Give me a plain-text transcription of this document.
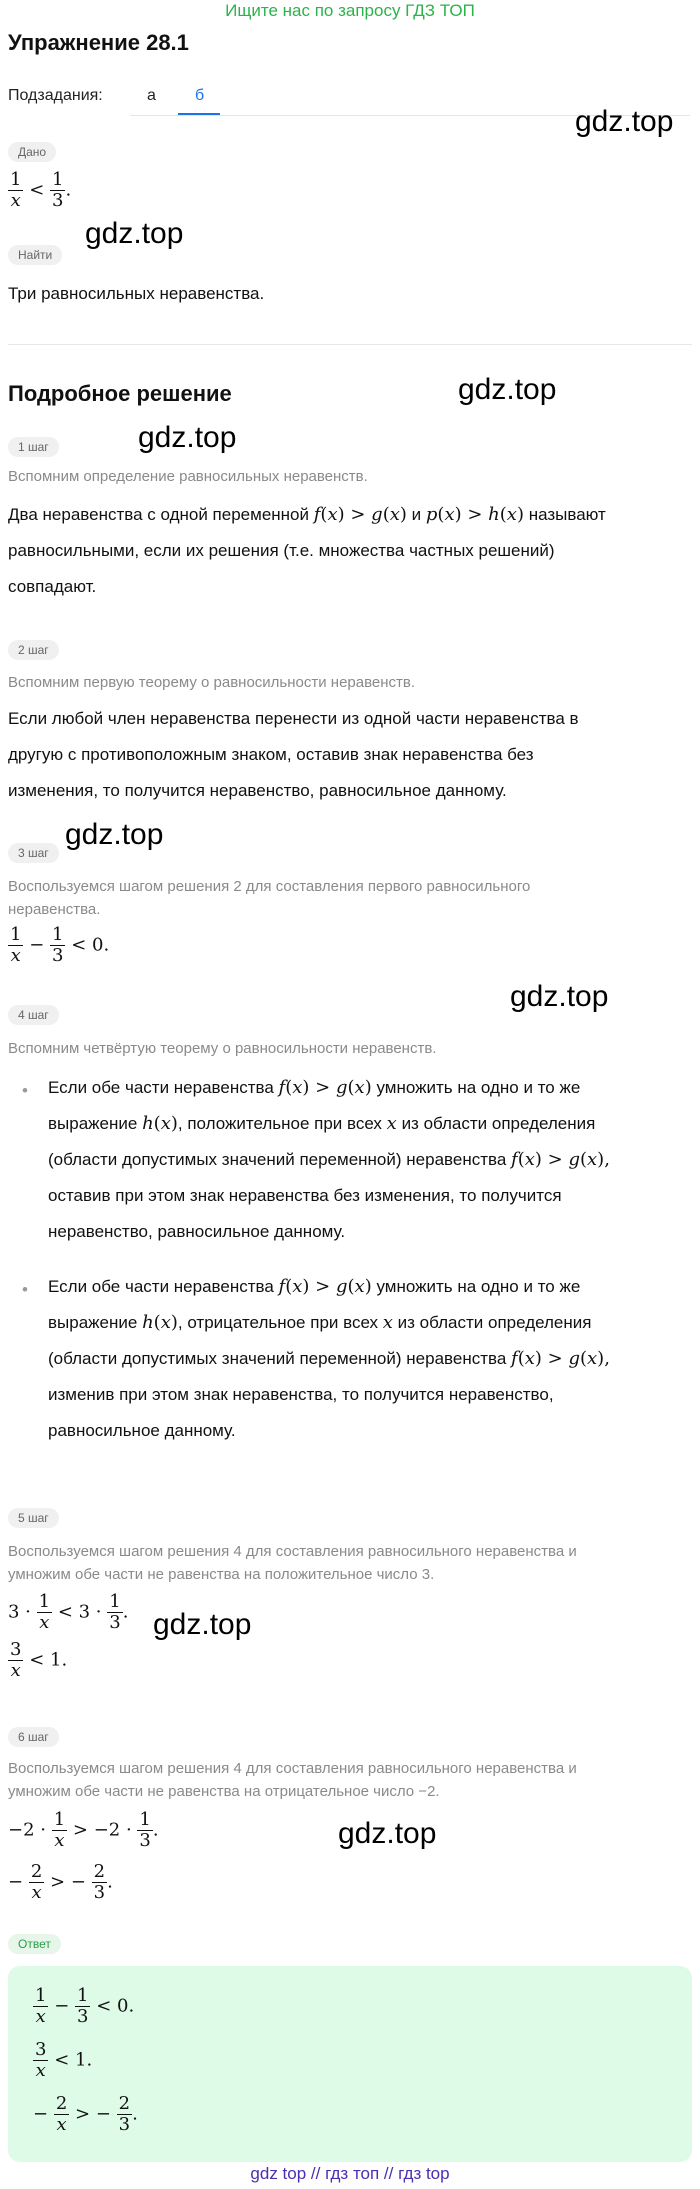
Ищите нас по запросу ГДЗ ТОП
Упражнение 28.1
Подзадания:	а б
gdz.top
gdz.top
gdz.top
gdz.top
gdz.top
gdz.top
gdz.top
gdz.top
Дано
$\frac{1}{x} < \frac{1}{3}$ .
Найти
Три равносильных неравенства.
Подробное решение
1 шаг
Вспомним определение равносильных неравенств.
Два неравенства с одной переменной f(x) > g(x) и p(x) > h(x) называют
равносильными, если их решения (т.е. множества частных решений)
совпадают.
2 шаг
Вспомним первую теорему о равносильности неравенств.
Если любой член неравенства перенести из одной части неравенства в
другую с противоположным знаком, оставив знак неравенства без
изменения, то получится неравенство, равносильное данному.
3 шаг
Воспользуемся шагом решения 2 для составления первого равносильного
неравенства.
$\frac{1}{x} - \frac{1}{3} < 0$.
4 шаг
Вспомним четвёртую теорему о равносильности неравенств.
• Если обе части неравенства f(x) > g(x) умножить на одно и то же
выражение h(x), положительное при всех x из области определения
(области допустимых значений переменной) неравенства f(x) > g(x),
оставив при этом знак неравенства без изменения, то получится
неравенство, равносильное данному.
• Если обе части неравенства f(x) > g(x) умножить на одно и то же
выражение h(x), отрицательное при всех x из области определения
(области допустимых значений переменной) неравенства f(x) > g(x),
изменив при этом знак неравенства, то получится неравенство,
равносильное данному.
5 шаг
Воспользуемся шагом решения 4 для составления равносильного неравенства и
умножим обе части не равенства на положительное число 3.
$3 \cdot \frac{1}{x} < 3 \cdot \frac{1}{3}$ .
$\frac{3}{x} < 1$.
6 шаг
Воспользуемся шагом решения 4 для составления равносильного неравенства и
умножим обе части не равенства на отрицательное число −2.
$-2 \cdot \frac{1}{x} > -2 \cdot \frac{1}{3}$ .
− $\frac{2}{x}$ > − $\frac{2}{3}$ .
Ответ
$\frac{1}{x} - \frac{1}{3} < 0$.
$\frac{3}{x} < 1$.
− $\frac{2}{x}$ > − $\frac{2}{3}$ .
gdz top // гдз топ // гдз top
